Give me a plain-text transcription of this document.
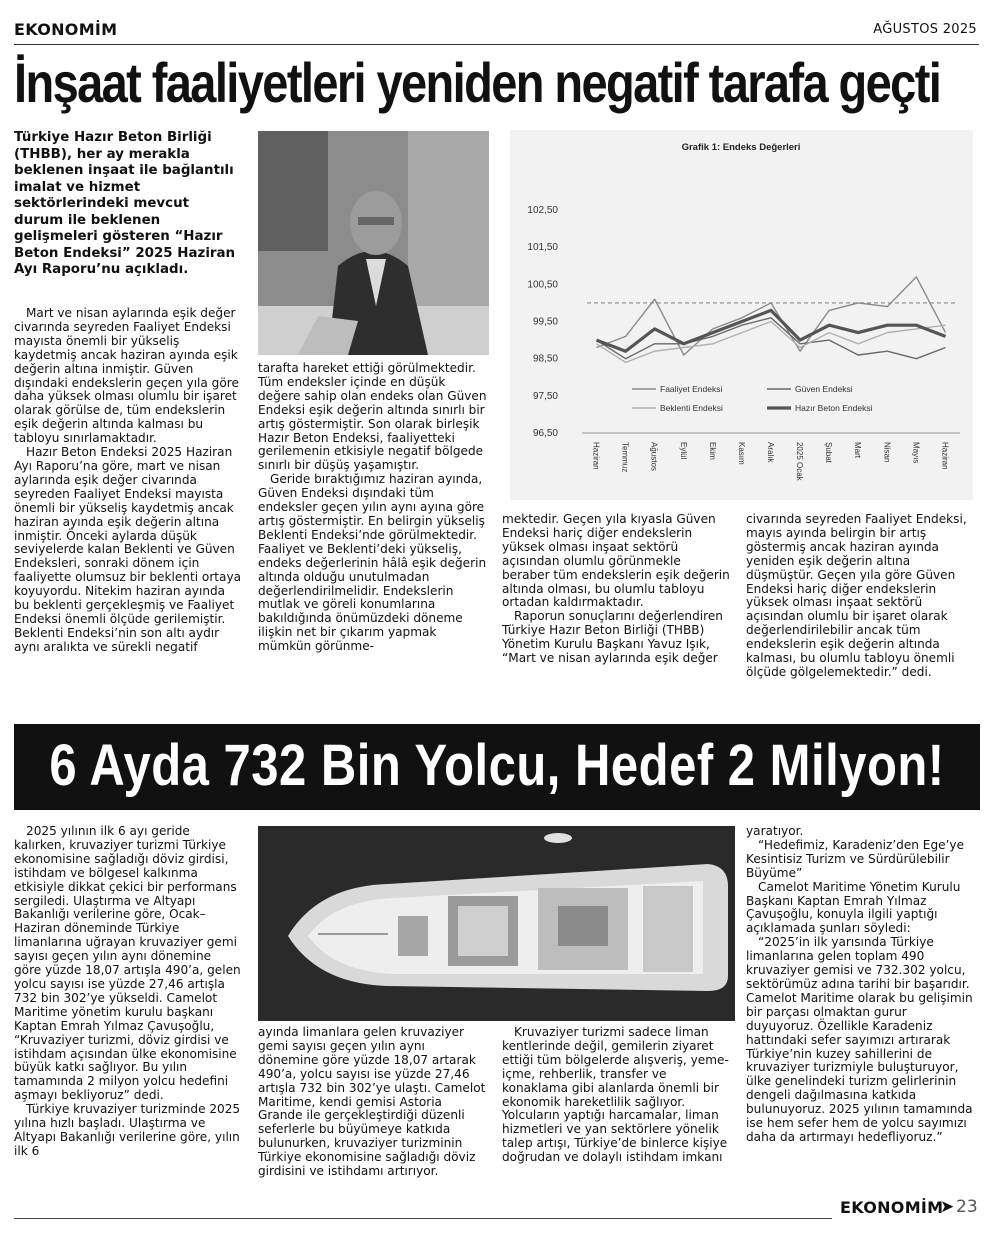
EKONOMİM	AĞUSTOS 2025
İnşaat faaliyetleri yeniden negatif tarafa geçti
Türkiye Hazır Beton Birliği (THBB), her ay merakla beklenen inşaat ile bağlantılı imalat ve hizmet sektörlerindeki mevcut durum ile beklenen gelişmeleri gösteren “Hazır Beton Endeksi” 2025 Haziran Ayı Raporu’nu açıkladı.

Mart ve nisan aylarında eşik değer civarında seyreden Faaliyet Endeksi mayısta önemli bir yükseliş kaydetmiş ancak haziran ayında eşik değerin altına inmiştir. Güven dışındaki endekslerin geçen yıla göre daha yüksek olması olumlu bir işaret olarak görülse de, tüm endekslerin eşik değerin altında kalması bu tabloyu sınırlamaktadır.

Hazır Beton Endeksi 2025 Haziran Ayı Raporu’na göre, mart ve nisan aylarında eşik değer civarında seyreden Faaliyet Endeksi mayısta önemli bir yükseliş kaydetmiş ancak haziran ayında eşik değerin altına inmiştir. Önceki aylarda düşük seviyelerde kalan Beklenti ve Güven Endeksleri, sonraki dönem için faaliyette olumsuz bir beklenti ortaya koyuyordu. Nitekim haziran ayında bu beklenti gerçekleşmiş ve Faaliyet Endeksi önemli ölçüde gerilemiştir. Beklenti Endeksi’nin son altı aydır aynı aralıkta ve sürekli negatif

tarafta hareket ettiği görülmektedir. Tüm endeksler içinde en düşük değere sahip olan endeks olan Güven Endeksi eşik değerin altında sınırlı bir artış göstermiştir. Son olarak birleşik Hazır Beton Endeksi, faaliyetteki gerilemenin etkisiyle negatif bölgede sınırlı bir düşüş yaşamıştır.

Geride bıraktığımız haziran ayında, Güven Endeksi dışındaki tüm endeksler geçen yılın aynı ayına göre artış göstermiştir. En belirgin yükseliş Beklenti Endeksi’nde görülmektedir. Faaliyet ve Beklenti’deki yükseliş, endeks değerlerinin hâlâ eşik değerin altında olduğu unutulmadan değerlendirilmelidir. Endekslerin mutlak ve göreli konumlarına bakıldığında önümüzdeki döneme ilişkin net bir çıkarım yapmak mümkün görünme-

Grafik 1: Endeks Değerleri
102,50
101,50
100,50
99,50
98,50
97,50
96,50
Haziran	Temmuz	Ağustos	Eylül	Ekim	Kasım	Aralık	2025 Ocak	Şubat	Mart	Nisan	Mayıs	Haziran
Faaliyet Endeksi	Güven Endeksi
Beklenti Endeksi	Hazır Beton Endeksi

mektedir. Geçen yıla kıyasla Güven Endeksi hariç diğer endekslerin yüksek olması inşaat sektörü açısından olumlu görünmekle beraber tüm endekslerin eşik değerin altında olması, bu olumlu tabloyu ortadan kaldırmaktadır.

Raporun sonuçlarını değerlendiren Türkiye Hazır Beton Birliği (THBB) Yönetim Kurulu Başkanı Yavuz Işık, “Mart ve nisan aylarında eşik değer

civarında seyreden Faaliyet Endeksi, mayıs ayında belirgin bir artış göstermiş ancak haziran ayında yeniden eşik değerin altına düşmüştür. Geçen yıla göre Güven Endeksi hariç diğer endekslerin yüksek olması inşaat sektörü açısından olumlu bir işaret olarak değerlendirilebilir ancak tüm endekslerin eşik değerin altında kalması, bu olumlu tabloyu önemli ölçüde gölgelemektedir.” dedi.

6 Ayda 732 Bin Yolcu, Hedef 2 Milyon!

2025 yılının ilk 6 ayı geride kalırken, kruvaziyer turizmi Türkiye ekonomisine sağladığı döviz girdisi, istihdam ve bölgesel kalkınma etkisiyle dikkat çekici bir performans sergiledi. Ulaştırma ve Altyapı Bakanlığı verilerine göre, Ocak–Haziran döneminde Türkiye limanlarına uğrayan kruvaziyer gemi sayısı geçen yılın aynı dönemine göre yüzde 18,07 artışla 490’a, gelen yolcu sayısı ise yüzde 27,46 artışla 732 bin 302’ye yükseldi. Camelot Maritime yönetim kurulu başkanı Kaptan Emrah Yılmaz Çavuşoğlu, “Kruvaziyer turizmi, döviz girdisi ve istihdam açısından ülke ekonomisine büyük katkı sağlıyor. Bu yılın tamamında 2 milyon yolcu hedefini aşmayı bekliyoruz” dedi.

Türkiye kruvaziyer turizminde 2025 yılına hızlı başladı. Ulaştırma ve Altyapı Bakanlığı verilerine göre, yılın ilk 6

ayında limanlara gelen kruvaziyer gemi sayısı geçen yılın aynı dönemine göre yüzde 18,07 artarak 490’a, yolcu sayısı ise yüzde 27,46 artışla 732 bin 302’ye ulaştı. Camelot Maritime, kendi gemisi Astoria Grande ile gerçekleştirdiği düzenli seferlerle bu büyümeye katkıda bulunurken, kruvaziyer turizminin Türkiye ekonomisine sağladığı döviz girdisini ve istihdamı artırıyor.

Kruvaziyer turizmi sadece liman kentlerinde değil, gemilerin ziyaret ettiği tüm bölgelerde alışveriş, yeme-içme, rehberlik, transfer ve konaklama gibi alanlarda önemli bir ekonomik hareketlilik sağlıyor. Yolcuların yaptığı harcamalar, liman hizmetleri ve yan sektörlere yönelik talep artışı, Türkiye’de binlerce kişiye doğrudan ve dolaylı istihdam imkanı

yaratıyor.

“Hedefimiz, Karadeniz’den Ege’ye Kesintisiz Turizm ve Sürdürülebilir Büyüme”

Camelot Maritime Yönetim Kurulu Başkanı Kaptan Emrah Yılmaz Çavuşoğlu, konuyla ilgili yaptığı açıklamada şunları söyledi:

“2025’in ilk yarısında Türkiye limanlarına gelen toplam 490 kruvaziyer gemisi ve 732.302 yolcu, sektörümüz adına tarihi bir başarıdır. Camelot Maritime olarak bu gelişimin bir parçası olmaktan gurur duyuyoruz. Özellikle Karadeniz hattındaki sefer sayımızı artırarak Türkiye’nin kuzey sahillerini de kruvaziyer turizmiyle buluşturuyor, ülke genelindeki turizm gelirlerinin dengeli dağılmasına katkıda bulunuyoruz. 2025 yılının tamamında ise hem sefer hem de yolcu sayımızı daha da artırmayı hedefliyoruz.”

EKONOMİM
➤ 23
